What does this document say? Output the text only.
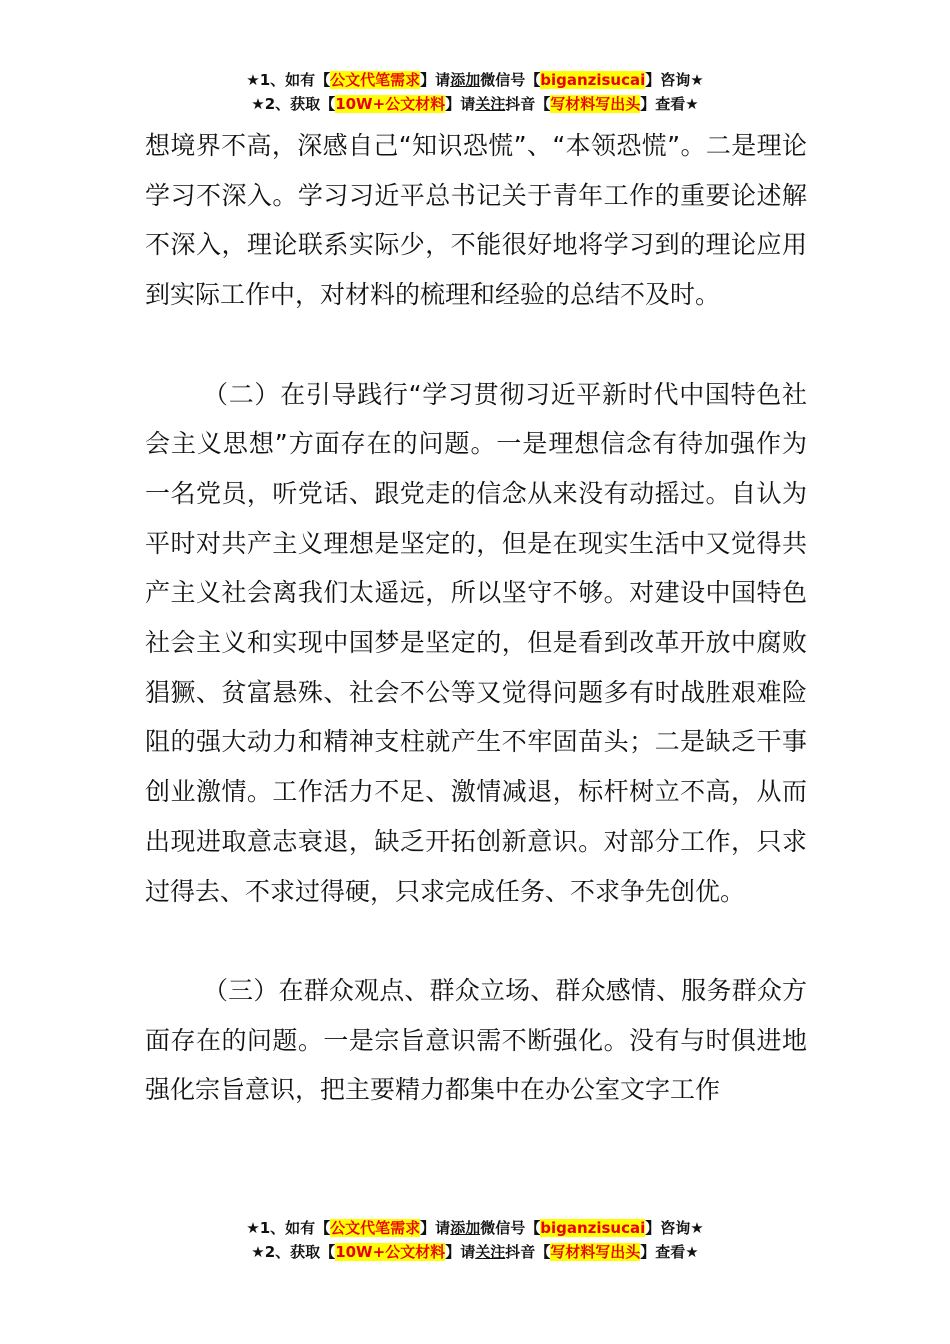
★1、如有【公文代笔需求】请添加微信号【biganzisucai】咨询★
★2、获取【10W+公文材料】请关注抖音【写材料写出头】查看★

想境界不高，深感自己“知识恐慌”、“本领恐慌”。二是理论学习不深入。学习习近平总书记关于青年工作的重要论述解不深入，理论联系实际少，不能很好地将学习到的理论应用到实际工作中，对材料的梳理和经验的总结不及时。

（二）在引导践行“学习贯彻习近平新时代中国特色社会主义思想”方面存在的问题。一是理想信念有待加强作为一名党员，听党话、跟党走的信念从来没有动摇过。自认为平时对共产主义理想是坚定的，但是在现实生活中又觉得共产主义社会离我们太遥远，所以坚守不够。对建设中国特色社会主义和实现中国梦是坚定的，但是看到改革开放中腐败猖獗、贫富悬殊、社会不公等又觉得问题多有时战胜艰难险阻的强大动力和精神支柱就产生不牢固苗头；二是缺乏干事创业激情。工作活力不足、激情减退，标杆树立不高，从而出现进取意志衰退，缺乏开拓创新意识。对部分工作，只求过得去、不求过得硬，只求完成任务、不求争先创优。

（三）在群众观点、群众立场、群众感情、服务群众方面存在的问题。一是宗旨意识需不断强化。没有与时俱进地强化宗旨意识，把主要精力都集中在办公室文字工作

★1、如有【公文代笔需求】请添加微信号【biganzisucai】咨询★
★2、获取【10W+公文材料】请关注抖音【写材料写出头】查看★
